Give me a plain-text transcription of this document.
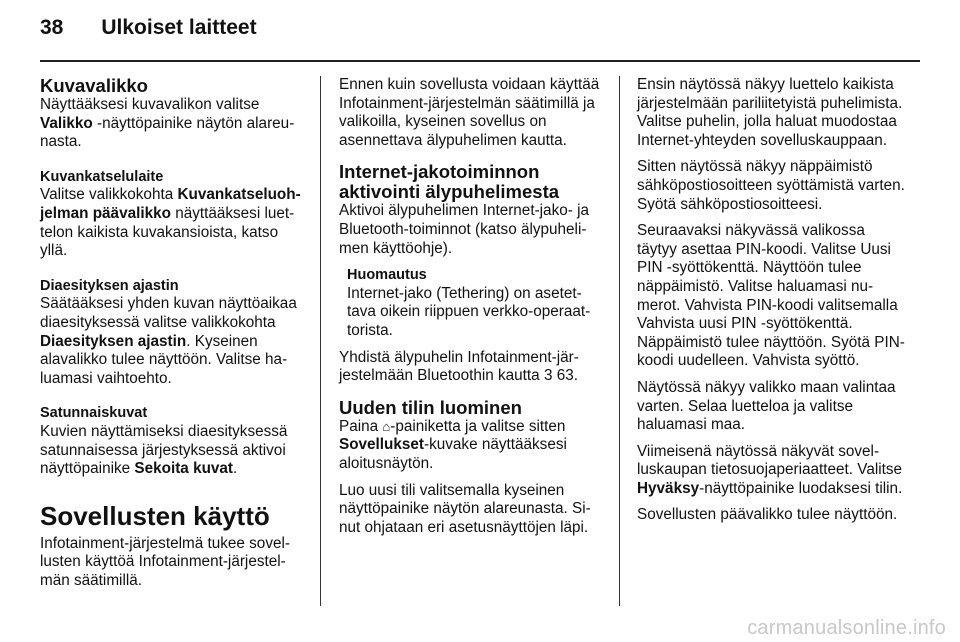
38 Ulkoiset laitteet
Kuvavalikko

Näyttääksesi kuvavalikon valitse Valikko -näyttöpainike näytön alareunasta.

Kuvankatselulaite

Valitse valikkokohta Kuvankatseluohjelman päävalikko näyttääksesi luettelon kaikista kuvakansioista, katso yllä.

Diaesityksen ajastin

Säätääksesi yhden kuvan näyttöaikaa diaesityksessä valitse valikkokohta Diaesityksen ajastin. Kyseinen alavalikko tulee näyttöön. Valitse haluamasi vaihtoehto.

Satunnaiskuvat

Kuvien näyttämiseksi diaesityksessä satunnaisessa järjestyksessä aktivoi näyttöpainike Sekoita kuvat.

Sovellusten käyttö

Infotainment-järjestelmä tukee sovellusten käyttöä Infotainment-järjestelmän säätimillä.

Ennen kuin sovellusta voidaan käyttää Infotainment-järjestelmän säätimillä ja valikoilla, kyseinen sovellus on asennettava älypuhelimen kautta.

Internet-jakotoiminnon aktivointi älypuhelimesta

Aktivoi älypuhelimen Internet-jako- ja Bluetooth-toiminnot (katso älypuhelimen käyttöohje).

Huomautus

Internet-jako (Tethering) on asetettava oikein riippuen verkko-operaattorista.

Yhdistä älypuhelin Infotainment-järjestelmään Bluetoothin kautta 3 63.

Uuden tilin luominen

Paina ⌂-painiketta ja valitse sitten Sovellukset-kuvake näyttääksesi aloitusnäytön.

Luo uusi tili valitsemalla kyseinen näyttöpainike näytön alareunasta. Sinut ohjataan eri asetusnäyttöjen läpi.

Ensin näytössä näkyy luettelo kaikista järjestelmään pariliitetyistä puhelimista. Valitse puhelin, jolla haluat muodostaa Internet-yhteyden sovelluskauppaan.

Sitten näytössä näkyy näppäimistö sähköpostiosoitteen syöttämistä varten. Syötä sähköpostiosoitteesi.

Seuraavaksi näkyvässä valikossa täytyy asettaa PIN-koodi. Valitse Uusi PIN -syöttökenttä. Näyttöön tulee näppäimistö. Valitse haluamasi numerot. Vahvista PIN-koodi valitsemalla Vahvista uusi PIN -syöttökenttä. Näppäimistö tulee näyttöön. Syötä PIN-koodi uudelleen. Vahvista syöttö.

Näytössä näkyy valikko maan valintaa varten. Selaa luetteloa ja valitse haluamasi maa.

Viimeisenä näytössä näkyvät sovelluskaupan tietosuojaperiaatteet. Valitse Hyväksy-näyttöpainike luodaksesi tilin.

Sovellusten päävalikko tulee näyttöön.

carmanualsonline.info
